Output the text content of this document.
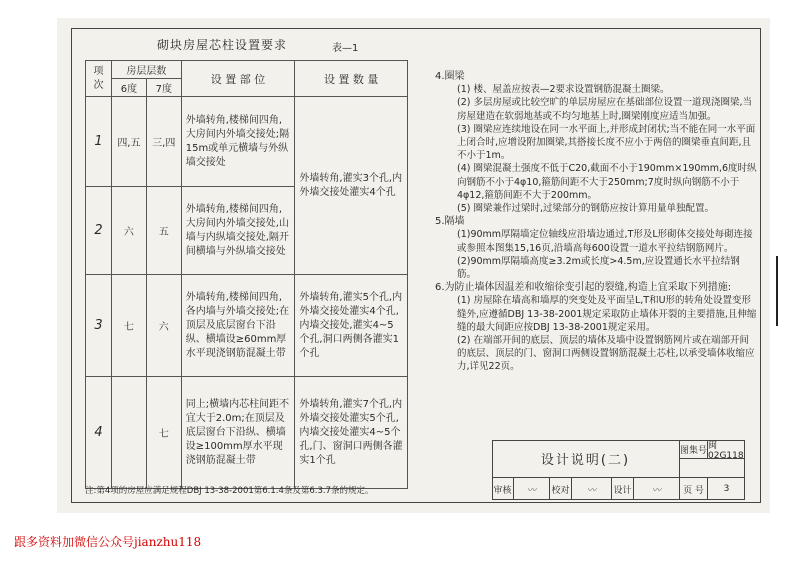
砌块房屋芯柱设置要求	表—1
项次	房层层数		设 置 部 位	设 置 数 量
	6度	7度		
1	四,五	三,四	外墙转角,楼梯间四角,大房间内外墙交接处;隔15m或单元横墙与外纵墙交接处	外墙转角,灌实3个孔,内外墙交接处灌实4个孔
2	六	五	外墙转角,楼梯间四角,大房间内外墙交接处,山墙与内纵墙交接处,隔开间横墙与外纵墙交接处	
3	七	六	外墙转角,楼梯间四角,各内墙与外墙交接处;在顶层及底层窗台下沿纵、横墙设≥60mm厚水平现浇钢筋混凝土带	外墙转角,灌实5个孔,内外墙交接处灌实4个孔,内墙交接处,灌实4~5个孔,洞口两侧各灌实1个孔
4		七	同上;横墙内芯柱间距不宜大于2.0m;在顶层及底层窗台下沿纵、横墙设≥100mm厚水平现浇钢筋混凝土带	外墙转角,灌实7个孔,内外墙交接处灌实5个孔,内墙交接处灌实4~5个孔,门、窗洞口两侧各灌实1个孔
注:第4项的房屋应满足规程DBJ 13-38-2001第6.1.4条及第6.3.7条的规定。

4.圈梁

(1) 楼、屋盖应按表—2要求设置钢筋混凝土圈梁。

(2) 多层房屋或比较空旷的单层房屋应在基础部位设置一道现浇圈梁,当房屋建造在软弱地基或不均匀地基上时,圈梁刚度应适当加强。

(3) 圈梁应连续地设在同一水平面上,并形成封闭状;当不能在同一水平面上闭合时,应增设附加圈梁,其搭接长度不应小于两倍的圈梁垂直间距,且不小于1m。

(4) 圈梁混凝土强度不低于C20,截面不小于190mm×190mm,6度时纵向钢筋不小于4φ10,箍筋间距不大于250mm;7度时纵向钢筋不小于4φ12,箍筋间距不大于200mm。

(5) 圈梁兼作过梁时,过梁部分的钢筋应按计算用量单独配置。

5.隔墙

(1)90mm厚隔墙定位轴线应沿墙边通过,T形及L形砌体交接处每砌连接或参照本图集15,16页,沿墙高每600设置一道水平拉结钢筋网片。

(2)90mm厚隔墙高度≥3.2m或长度>4.5m,应设置通长水平拉结钢筋。

6.为防止墙体因温差和收缩徐变引起的裂缝,构造上宜采取下列措施:

(1) 房屋除在墙高和墙厚的突变处及平面呈L,T和U形的转角处设置变形缝外,应遵循DBJ 13-38-2001规定采取防止墙体开裂的主要措施,且伸缩缝的最大间距应按DBJ 13-38-2001规定采用。

(2) 在端部开间的底层、顶层的墙体及墙中设置钢筋网片或在端部开间的底层、顶层的门、窗洞口两侧设置钢筋混凝土芯柱,以承受墙体收缩应力,详见22页。

设计说明(二)
图集号 闽02G118
审核	〰︎	校对	〰︎	设计	〰︎	页 号	3
跟多资料加微信公众号jianzhu118
